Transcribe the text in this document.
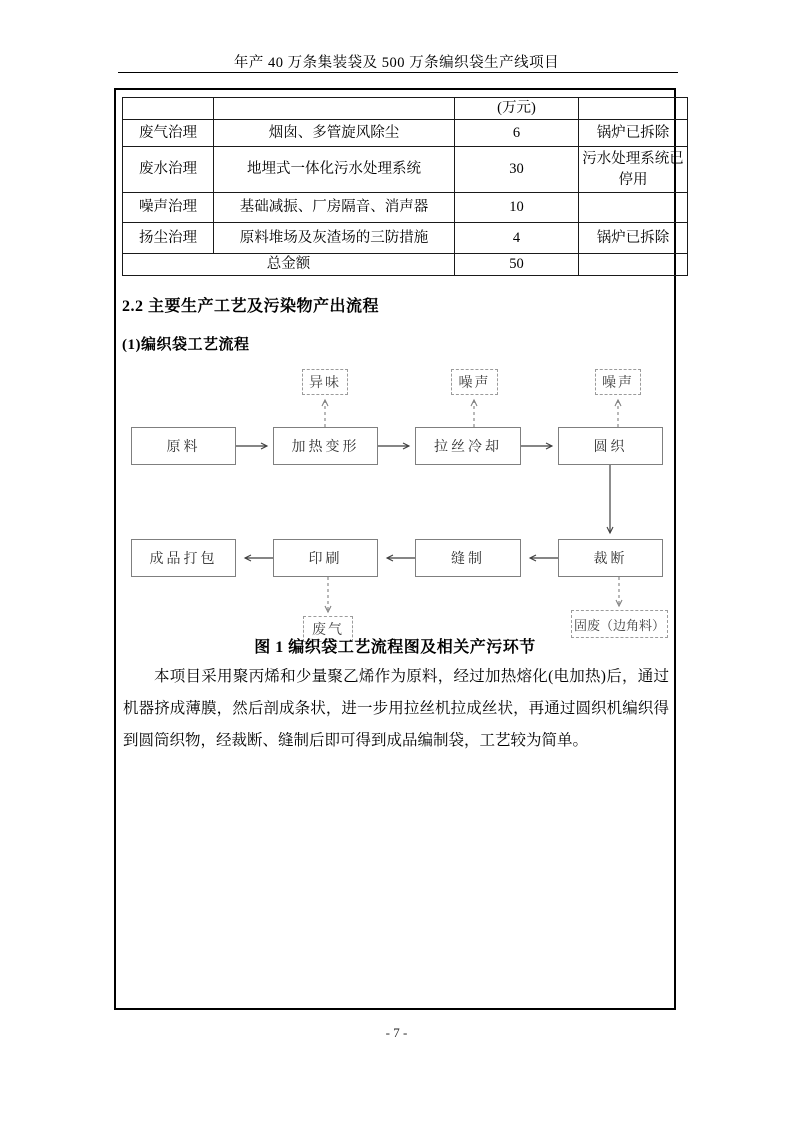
年产 40 万条集装袋及 500 万条编织袋生产线项目
		(万元)	
废气治理	烟囱、多管旋风除尘	6	锅炉已拆除
废水治理	地埋式一体化污水处理系统	30	污水处理系统已停用
噪声治理	基础减振、厂房隔音、消声器	10	
扬尘治理	原料堆场及灰渣场的三防措施	4	锅炉已拆除
总金额		50	
2.2 主要生产工艺及污染物产出流程
(1)编织袋工艺流程
异味	噪声	噪声
原料	加热变形	拉丝冷却	圆织
成品打包	印刷	缝制	裁断
废气	固废（边角料）
图 1 编织袋工艺流程图及相关产污环节

本项目采用聚丙烯和少量聚乙烯作为原料，经过加热熔化(电加热)后，通过机器挤成薄膜，然后剖成条状，进一步用拉丝机拉成丝状，再通过圆织机编织得到圆筒织物，经裁断、缝制后即可得到成品编制袋，工艺较为简单。

- 7 -
